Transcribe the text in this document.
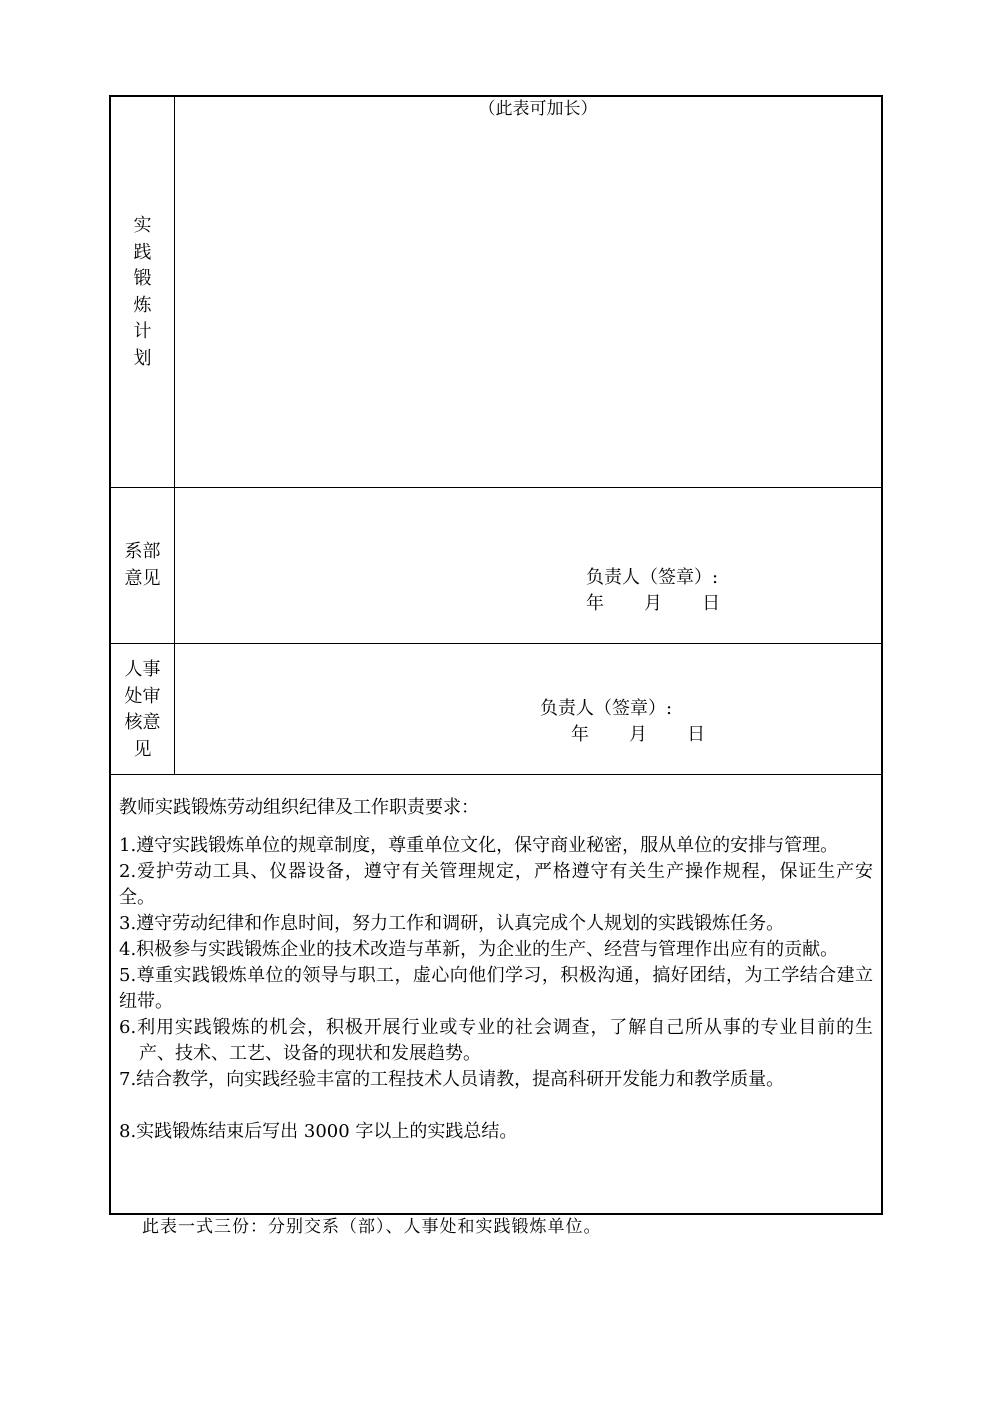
实
践
锻
炼
计
划
（此表可加长）
系部
意见	负责人（签章）:
年       月       日
人事
处审
核意
见
负责人（签章）:
年       月       日

教师实践锻炼劳动组织纪律及工作职责要求：

1.遵守实践锻炼单位的规章制度，尊重单位文化，保守商业秘密，服从单位的安排与管理。

2.爱护劳动工具、仪器设备，遵守有关管理规定，严格遵守有关生产操作规程，保证生产安全。

3.遵守劳动纪律和作息时间，努力工作和调研，认真完成个人规划的实践锻炼任务。

4.积极参与实践锻炼企业的技术改造与革新，为企业的生产、经营与管理作出应有的贡献。

5.尊重实践锻炼单位的领导与职工，虚心向他们学习，积极沟通，搞好团结，为工学结合建立纽带。

6.利用实践锻炼的机会，积极开展行业或专业的社会调查，了解自己所从事的专业目前的生产、技术、工艺、设备的现状和发展趋势。

7.结合教学，向实践经验丰富的工程技术人员请教，提高科研开发能力和教学质量。

8.实践锻炼结束后写出 3000 字以上的实践总结。

此表一式三份：分别交系（部）、人事处和实践锻炼单位。
